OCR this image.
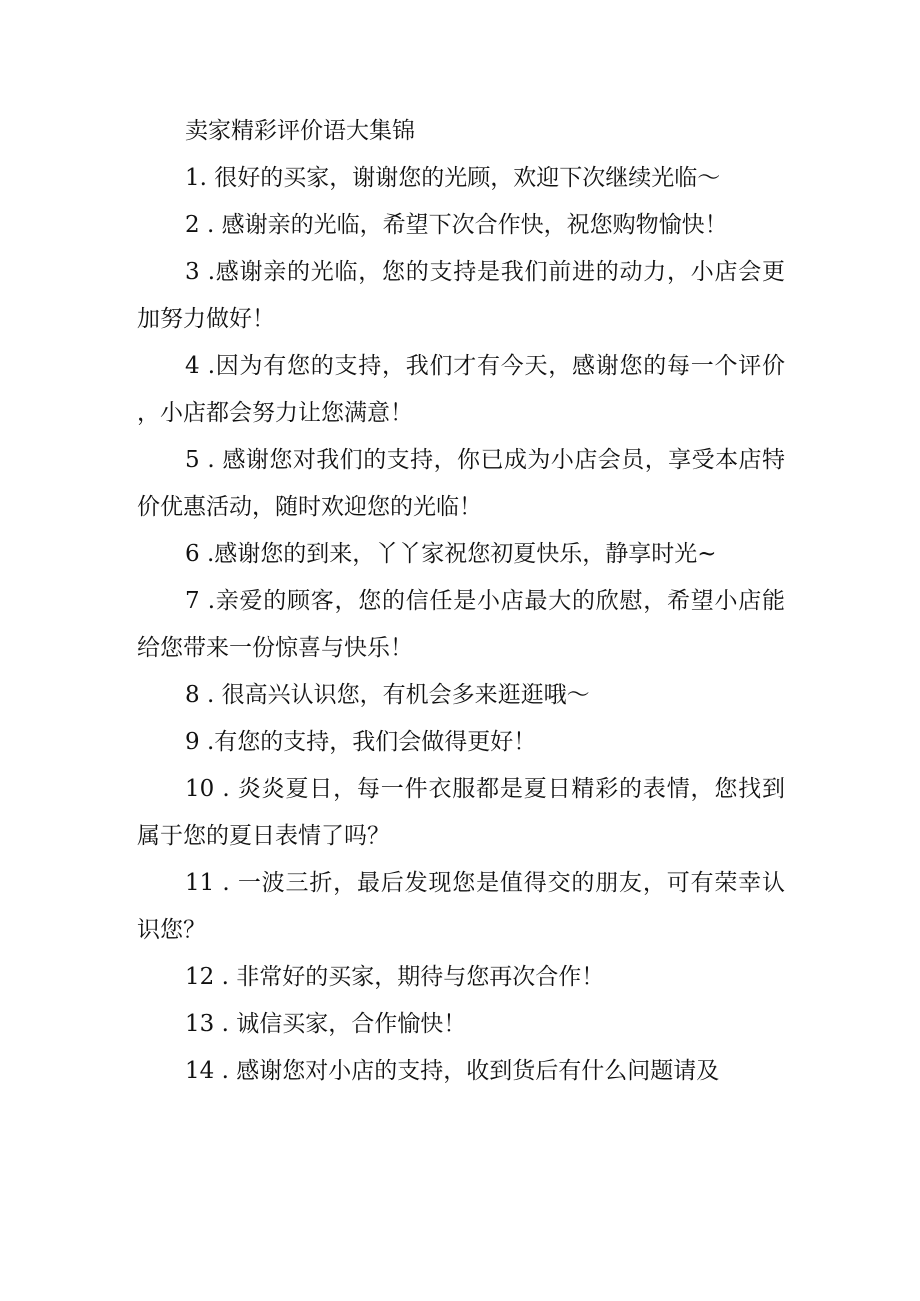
卖家精彩评价语大集锦

1. 很好的买家，谢谢您的光顾，欢迎下次继续光临〜

2 . 感谢亲的光临，希望下次合作快，祝您购物愉快！

3 .感谢亲的光临，您的支持是我们前进的动力，小店会更加努力做好！

4 .因为有您的支持，我们才有今天，感谢您的每一个评价，小店都会努力让您满意！

5 . 感谢您对我们的支持，你已成为小店会员，享受本店特价优惠活动，随时欢迎您的光临！

6 .感谢您的到来，丫丫家祝您初夏快乐，静享时光~

7 .亲爱的顾客，您的信任是小店最大的欣慰，希望小店能给您带来一份惊喜与快乐！

8 . 很高兴认识您，有机会多来逛逛哦〜

9 .有您的支持，我们会做得更好！

10 . 炎炎夏日，每一件衣服都是夏日精彩的表情，您找到属于您的夏日表情了吗？

11 . 一波三折，最后发现您是值得交的朋友，可有荣幸认识您？

12 . 非常好的买家，期待与您再次合作！

13 . 诚信买家，合作愉快！

14 . 感谢您对小店的支持，收到货后有什么问题请及
